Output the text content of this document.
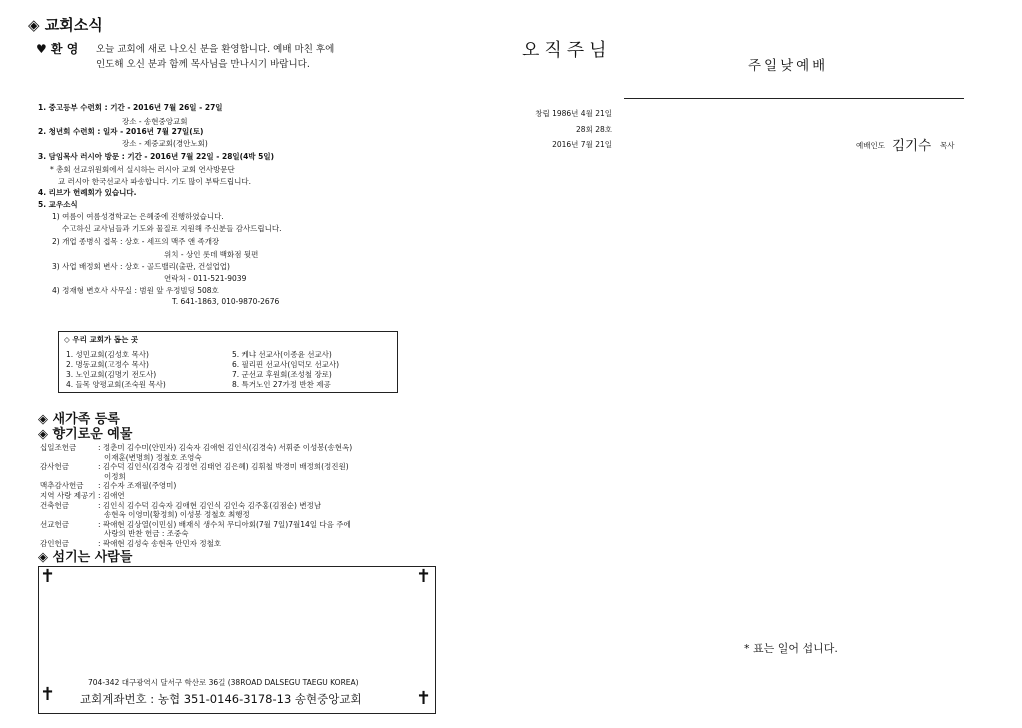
◈ 교회소식
♥ 환 영 오늘 교회에 새로 나오신 분을 환영합니다. 예배 마친 후에
인도해 오신 분과 함께 목사님을 만나시기 바랍니다.
1. 중고등부 수련회 : 기간 - 2016년 7월 26일 - 27일
장소 - 송현중앙교회
2. 청년회 수련회 : 일자 - 2016년 7월 27일(토)
장소 - 제중교회(경안노회)
3. 담임목사 러시아 방문 : 기간 - 2016년 7월 22일 - 28일(4박 5일)
* 총회 선교위원회에서 실시하는 러시아 교회 연사방문단
교 러시아 한국선교사 파송합니다. 기도 많이 부탁드립니다.
4. 리브가 헌례회가 있습니다.
5. 교우소식
1) 여름이 여름성경학교는 은혜중에 진행하였습니다.
수고하신 교사님들과 기도와 물질로 지원해 주신분들 감사드립니다.
2) 개업 종병식 접목 : 상호 - 세프의 맥주 앤 족개장
위치 - 상인 롯데 백화점 뒷편
3) 사업 배정회 변사 : 상호 - 골드밸리(출판, 건설업업)
연락처 - 011-521-9039
4) 정재형 변호사 사무실 : 범원 앞 우정빌딩 508호
T. 641-1863, 010-9870-2676
◇ 우리 교회가 돕는 곳
1. 성민교회(김성호 목사)
2. 명동교회(고정수 목사)
3. 노인교회(김명기 전도사)
4. 들목 양평교회(조숙원 목사)
5. 케냐 선교사(이종윤 선교사)
6. 필리핀 선교사(임덕모 선교사)
7. 군선교 후원회(조성철 장로)
8. 특거노인 27가정 반찬 제공
◈ 새가족 등록
◈ 향기로운 예물
십일조헌금	: 정춘미 김수미(안민자) 김숙자 김애현 김인식(김경숙) 서휘준 이성봉(송현옥)
이재훈(변명희) 정철호 조영숙
감사헌금	: 김수덕 김인식(김경숙 김정연 김태연 김은혜) 김휘철 박경미 배정희(정진원)
이정희
맥추감사헌금 : 김수자 조재필(주영미)
지역 사랑 제공기 : 김애연
건축헌금	: 김인식 김수덕 김숙자 김애현 김인식 김인숙 김주홍(김점순) 변정남
송현옥 이영미(황정희) 이성봉 정철호 최행정
선교헌금	: 곽애현 김상열(이민심) 배재식 생수처 무디아회(7월 7일)7월14일 다음 주에
사랑의 반찬 헌금 : 조중숙
감인헌금	: 곽애현 김성숙 송현옥 안민자 정철호
◈ 섬기는 사람들
✝	✝
✝	✝
704-342 대구광역시 달서구 학산로 36길 (38ROAD DALSEGU TAEGU KOREA)
교회계좌번호 : 농협 351-0146-3178-13 송현중앙교회
오직주님
창립 1986년 4월 21일
28회 28호
2016년 7월 21일
주일낮예배
예배인도 김기수 목사
* 표는 일어 섭니다.
